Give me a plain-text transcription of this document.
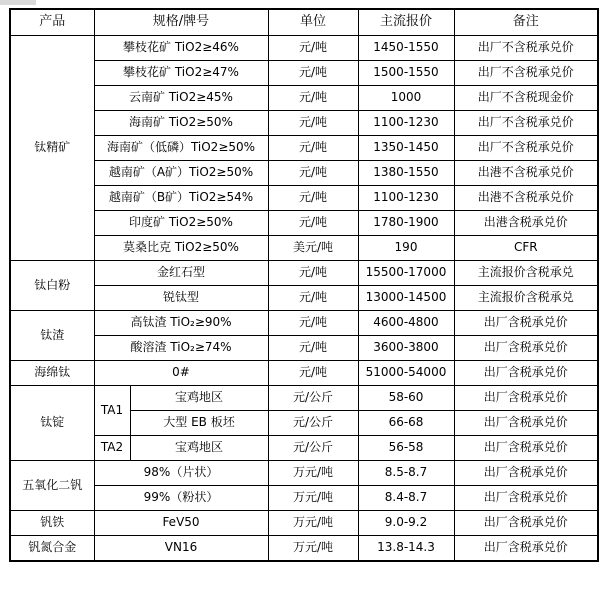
产品	规格/牌号		单位	主流报价	备注
钛精矿	攀枝花矿 TiO2≥46%		元/吨	1450-1550	出厂不含税承兑价
	攀枝花矿 TiO2≥47%		元/吨	1500-1550	出厂不含税承兑价
	云南矿 TiO2≥45%		元/吨	1000	出厂不含税现金价
	海南矿 TiO2≥50%		元/吨	1100-1230	出厂不含税承兑价
	海南矿（低磷）TiO2≥50%		元/吨	1350-1450	出厂不含税承兑价
	越南矿（A矿）TiO2≥50%		元/吨	1380-1550	出港不含税承兑价
	越南矿（B矿）TiO2≥54%		元/吨	1100-1230	出港不含税承兑价
	印度矿 TiO2≥50%		元/吨	1780-1900	出港含税承兑价
	莫桑比克 TiO2≥50%		美元/吨	190	CFR
钛白粉	金红石型		元/吨	15500-17000	主流报价含税承兑
	锐钛型		元/吨	13000-14500	主流报价含税承兑
钛渣	高钛渣 TiO₂≥90%		元/吨	4600-4800	出厂含税承兑价
	酸溶渣 TiO₂≥74%		元/吨	3600-3800	出厂含税承兑价
海绵钛	0#		元/吨	51000-54000	出厂含税承兑价
钛锭	TA1	宝鸡地区	元/公斤	58-60	出厂含税承兑价
		大型 EB 板坯	元/公斤	66-68	出厂含税承兑价
	TA2	宝鸡地区	元/公斤	56-58	出厂含税承兑价
五氧化二钒	98%（片状）		万元/吨	8.5-8.7	出厂含税承兑价
	99%（粉状）		万元/吨	8.4-8.7	出厂含税承兑价
钒铁	FeV50		万元/吨	9.0-9.2	出厂含税承兑价
钒氮合金	VN16		万元/吨	13.8-14.3	出厂含税承兑价
